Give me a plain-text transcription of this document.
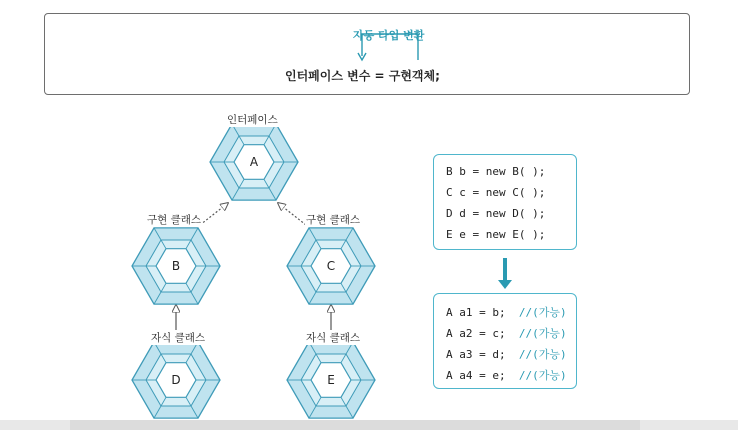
자동 타입 변환
인터페이스 변수 = 구현객체;
인터페이스
구현 클래스	구현 클래스
자식 클래스	자식 클래스
A
B	C
D	E
B b = new B( );
C c = new C( );
D d = new D( );
E e = new E( );
A a1 = b; //(가능)
A a2 = c; //(가능)
A a3 = d; //(가능)
A a4 = e; //(가능)
